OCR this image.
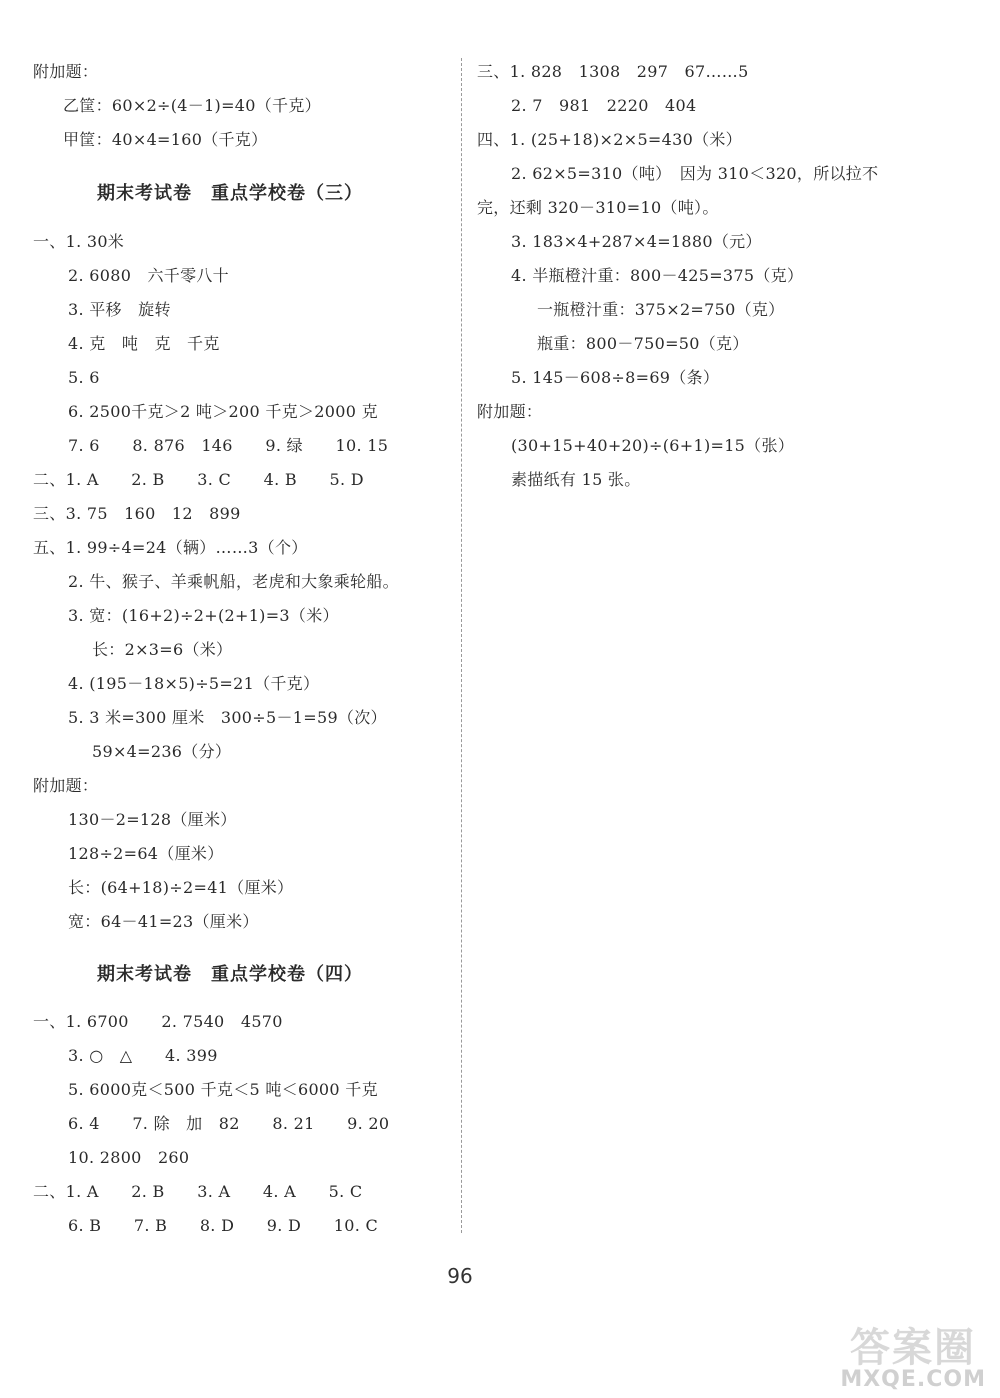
附加题：
乙筐：60×2÷(4－1)=40（千克）
甲筐：40×4=160（千克）
期末考试卷　重点学校卷（三）
一、1. 30米
2. 6080　六千零八十
3. 平移　旋转
4. 克　吨　克　千克
5. 6
6. 2500千克＞2 吨＞200 千克＞2000 克
7. 6　　8. 876　146　　9. 绿　　10. 15
二、1. A　　2. B　　3. C　　4. B　　5. D
三、3. 75　160　12　899
五、1. 99÷4=24（辆）……3（个）
2. 牛、猴子、羊乘帆船，老虎和大象乘轮船。
3. 宽：(16+2)÷2+(2+1)=3（米）
长：2×3=6（米）
4. (195－18×5)÷5=21（千克）
5. 3 米=300 厘米　300÷5－1=59（次）
59×4=236（分）
附加题：
130－2=128（厘米）
128÷2=64（厘米）
长：(64+18)÷2=41（厘米）
宽：64－41=23（厘米）
期末考试卷　重点学校卷（四）
一、1. 6700　　2. 7540　4570
3. ○　△　　4. 399
5. 6000克＜500 千克＜5 吨＜6000 千克
6. 4　　7. 除　加　82　　8. 21　　9. 20
10. 2800　260
二、1. A　　2. B　　3. A　　4. A　　5. C
6. B　　7. B　　8. D　　9. D　　10. C
三、1. 828　1308　297　67……5
2. 7　981　2220　404
四、1. (25+18)×2×5=430（米）
2. 62×5=310（吨）　因为 310＜320，所以拉不
完，还剩 320－310=10（吨）。
3. 183×4+287×4=1880（元）
4. 半瓶橙汁重：800－425=375（克）
一瓶橙汁重：375×2=750（克）
瓶重：800－750=50（克）
5. 145－608÷8=69（条）
附加题：
(30+15+40+20)÷(6+1)=15（张）
素描纸有 15 张。
96
答案圈
MXQE.COM
